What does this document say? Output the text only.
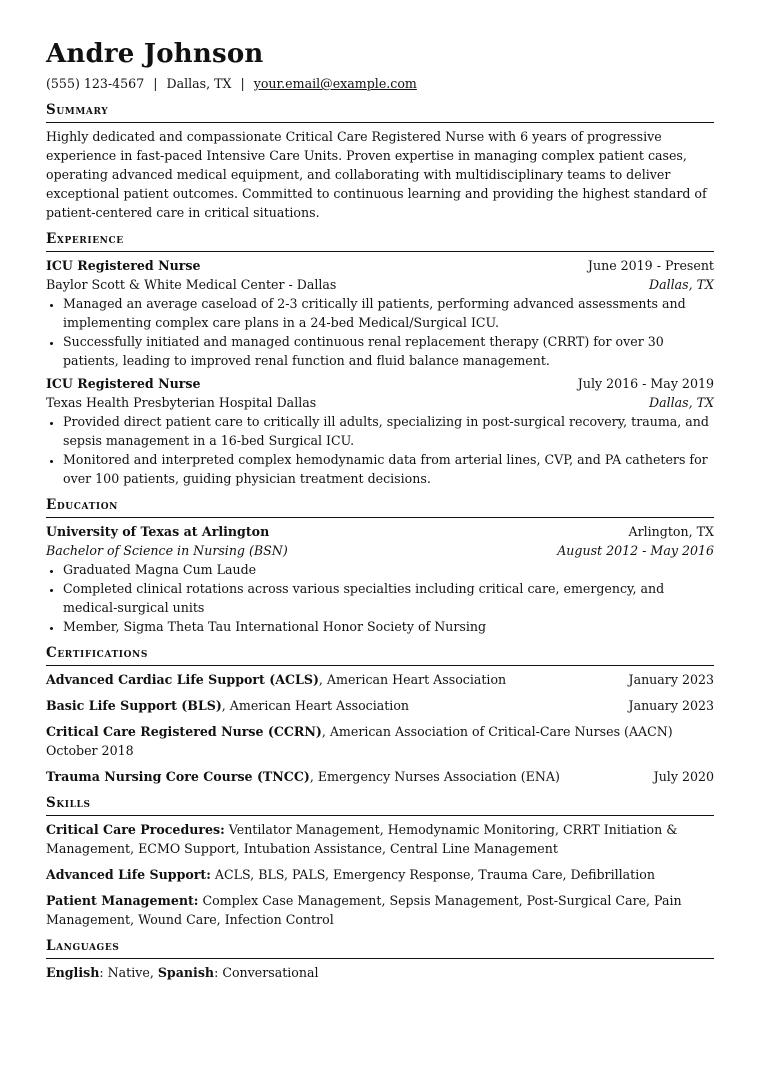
Andre Johnson
(555) 123-4567 | Dallas, TX | your.email@example.com
Summary

Highly dedicated and compassionate Critical Care Registered Nurse with 6 years of progressive experience in fast-paced Intensive Care Units. Proven expertise in managing complex patient cases, operating advanced medical equipment, and collaborating with multidisciplinary teams to deliver exceptional patient outcomes. Committed to continuous learning and providing the highest standard of patient-centered care in critical situations.

Experience
ICU Registered Nurse	June 2019 - Present
Baylor Scott & White Medical Center - Dallas	Dallas, TX
• Managed an average caseload of 2-3 critically ill patients, performing advanced assessments and implementing complex care plans in a 24-bed Medical/Surgical ICU.
• Successfully initiated and managed continuous renal replacement therapy (CRRT) for over 30 patients, leading to improved renal function and fluid balance management.
ICU Registered Nurse	July 2016 - May 2019
Texas Health Presbyterian Hospital Dallas	Dallas, TX
• Provided direct patient care to critically ill adults, specializing in post-surgical recovery, trauma, and sepsis management in a 16-bed Surgical ICU.
• Monitored and interpreted complex hemodynamic data from arterial lines, CVP, and PA catheters for over 100 patients, guiding physician treatment decisions.
Education
University of Texas at Arlington	Arlington, TX
Bachelor of Science in Nursing (BSN)	August 2012 - May 2016
• Graduated Magna Cum Laude
• Completed clinical rotations across various specialties including critical care, emergency, and medical-surgical units
• Member, Sigma Theta Tau International Honor Society of Nursing
Certifications
Advanced Cardiac Life Support (ACLS), American Heart Association	January 2023
Basic Life Support (BLS), American Heart Association	January 2023
Critical Care Registered Nurse (CCRN), American Association of Critical-Care Nurses (AACN) October 2018
Trauma Nursing Core Course (TNCC), Emergency Nurses Association (ENA)	July 2020
Skills
Critical Care Procedures: Ventilator Management, Hemodynamic Monitoring, CRRT Initiation & Management, ECMO Support, Intubation Assistance, Central Line Management
Advanced Life Support: ACLS, BLS, PALS, Emergency Response, Trauma Care, Defibrillation
Patient Management: Complex Case Management, Sepsis Management, Post-Surgical Care, Pain Management, Wound Care, Infection Control
Languages
English: Native, Spanish: Conversational
